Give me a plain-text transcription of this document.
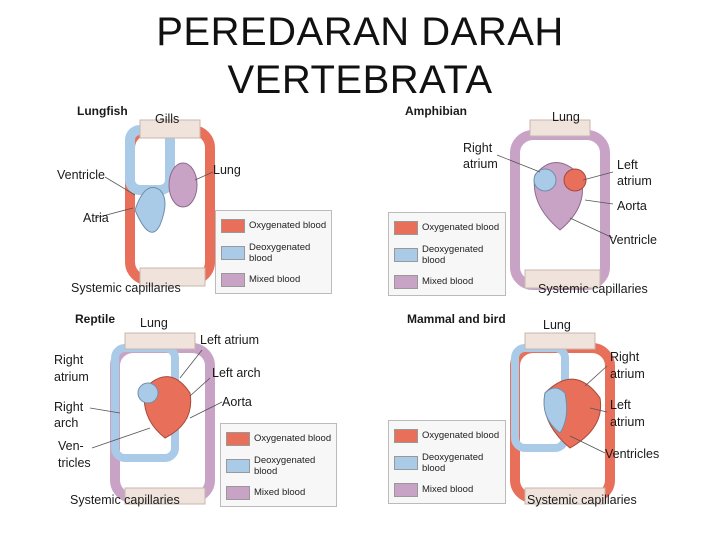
PEREDARAN DARAH
VERTEBRATA
Lungfish
Gills
Lung
Ventricle
Atria
Systemic capillaries
Oxygenated blood
Deoxygenated blood
Mixed blood
Amphibian	Lung
Right
atrium	Left
atrium
Aorta
Ventricle
Systemic capillaries
Oxygenated blood
Deoxygenated blood
Mixed blood
Reptile Lung
Left atrium
Right
atrium	Left arch
Aorta
Right
arch
Ven-
tricles
Systemic capillaries
Oxygenated blood
Deoxygenated blood
Mixed blood
Mammal and bird	Lung
Right
atrium
Left
atrium
Ventricles
Systemic capillaries
Oxygenated blood
Deoxygenated blood
Mixed blood
